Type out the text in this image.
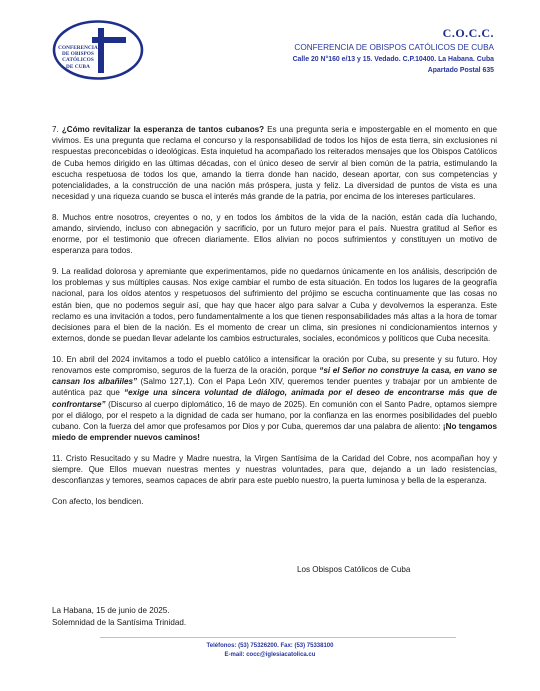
CONFERENCIA
DE OBISPOS
CATÓLICOS
DE CUBA
C.O.C.C.
CONFERENCIA DE OBISPOS CATÓLICOS DE CUBA
Calle 20 N°160 e/13 y 15. Vedado. C.P.10400. La Habana. Cuba
Apartado Postal 635

7. ¿Cómo revitalizar la esperanza de tantos cubanos? Es una pregunta seria e impostergable en el momento en que vivimos. Es una pregunta que reclama el concurso y la responsabilidad de todos los hijos de esta tierra, sin exclusiones ni respuestas preconcebidas o ideológicas. Esta inquietud ha acompañado los reiterados mensajes que los Obispos Católicos de Cuba hemos dirigido en las últimas décadas, con el único deseo de servir al bien común de la patria, estimulando la escucha respetuosa de todos los que, amando la tierra donde han nacido, desean aportar, con sus competencias y potencialidades, a la construcción de una nación más próspera, justa y feliz. La diversidad de puntos de vista es una necesidad y una riqueza cuando se busca el interés más grande de la patria, por encima de los intereses particulares.

8. Muchos entre nosotros, creyentes o no, y en todos los ámbitos de la vida de la nación, están cada día luchando, amando, sirviendo, incluso con abnegación y sacrificio, por un futuro mejor para el país. Nuestra gratitud al Señor es enorme, por el testimonio que ofrecen diariamente. Ellos alivian no pocos sufrimientos y constituyen un motivo de esperanza para todos.

9. La realidad dolorosa y apremiante que experimentamos, pide no quedarnos únicamente en los análisis, descripción de los problemas y sus múltiples causas. Nos exige cambiar el rumbo de esta situación. En todos los lugares de la geografía nacional, para los oídos atentos y respetuosos del sufrimiento del prójimo se escucha continuamente que las cosas no están bien, que no podemos seguir así, que hay que hacer algo para salvar a Cuba y devolvernos la esperanza. Este reclamo es una invitación a todos, pero fundamentalmente a los que tienen responsabilidades más altas a la hora de tomar decisiones para el bien de la nación. Es el momento de crear un clima, sin presiones ni condicionamientos internos y externos, donde se puedan llevar adelante los cambios estructurales, sociales, económicos y políticos que Cuba necesita.

10. En abril del 2024 invitamos a todo el pueblo católico a intensificar la oración por Cuba, su presente y su futuro. Hoy renovamos este compromiso, seguros de la fuerza de la oración, porque “si el Señor no construye la casa, en vano se cansan los albañiles” (Salmo 127,1). Con el Papa León XIV, queremos tender puentes y trabajar por un ambiente de auténtica paz que “exige una sincera voluntad de diálogo, animada por el deseo de encontrarse más que de confrontarse” (Discurso al cuerpo diplomático, 16 de mayo de 2025). En comunión con el Santo Padre, optamos siempre por el diálogo, por el respeto a la dignidad de cada ser humano, por la confianza en las enormes posibilidades del pueblo cubano. Con la fuerza del amor que profesamos por Dios y por Cuba, queremos dar una palabra de aliento: ¡No tengamos miedo de emprender nuevos caminos!

11. Cristo Resucitado y su Madre y Madre nuestra, la Virgen Santísima de la Caridad del Cobre, nos acompañan hoy y siempre. Que Ellos muevan nuestras mentes y nuestras voluntades, para que, dejando a un lado resistencias, desconfianzas y temores, seamos capaces de abrir para este pueblo nuestro, la puerta luminosa y bella de la esperanza.

Con afecto, los bendicen.

Los Obispos Católicos de Cuba
La Habana, 15 de junio de 2025.
Solemnidad de la Santísima Trinidad.
Teléfonos: (53) 75326200. Fax: (53) 75338100
E-mail: cocc@iglesiacatolica.cu
